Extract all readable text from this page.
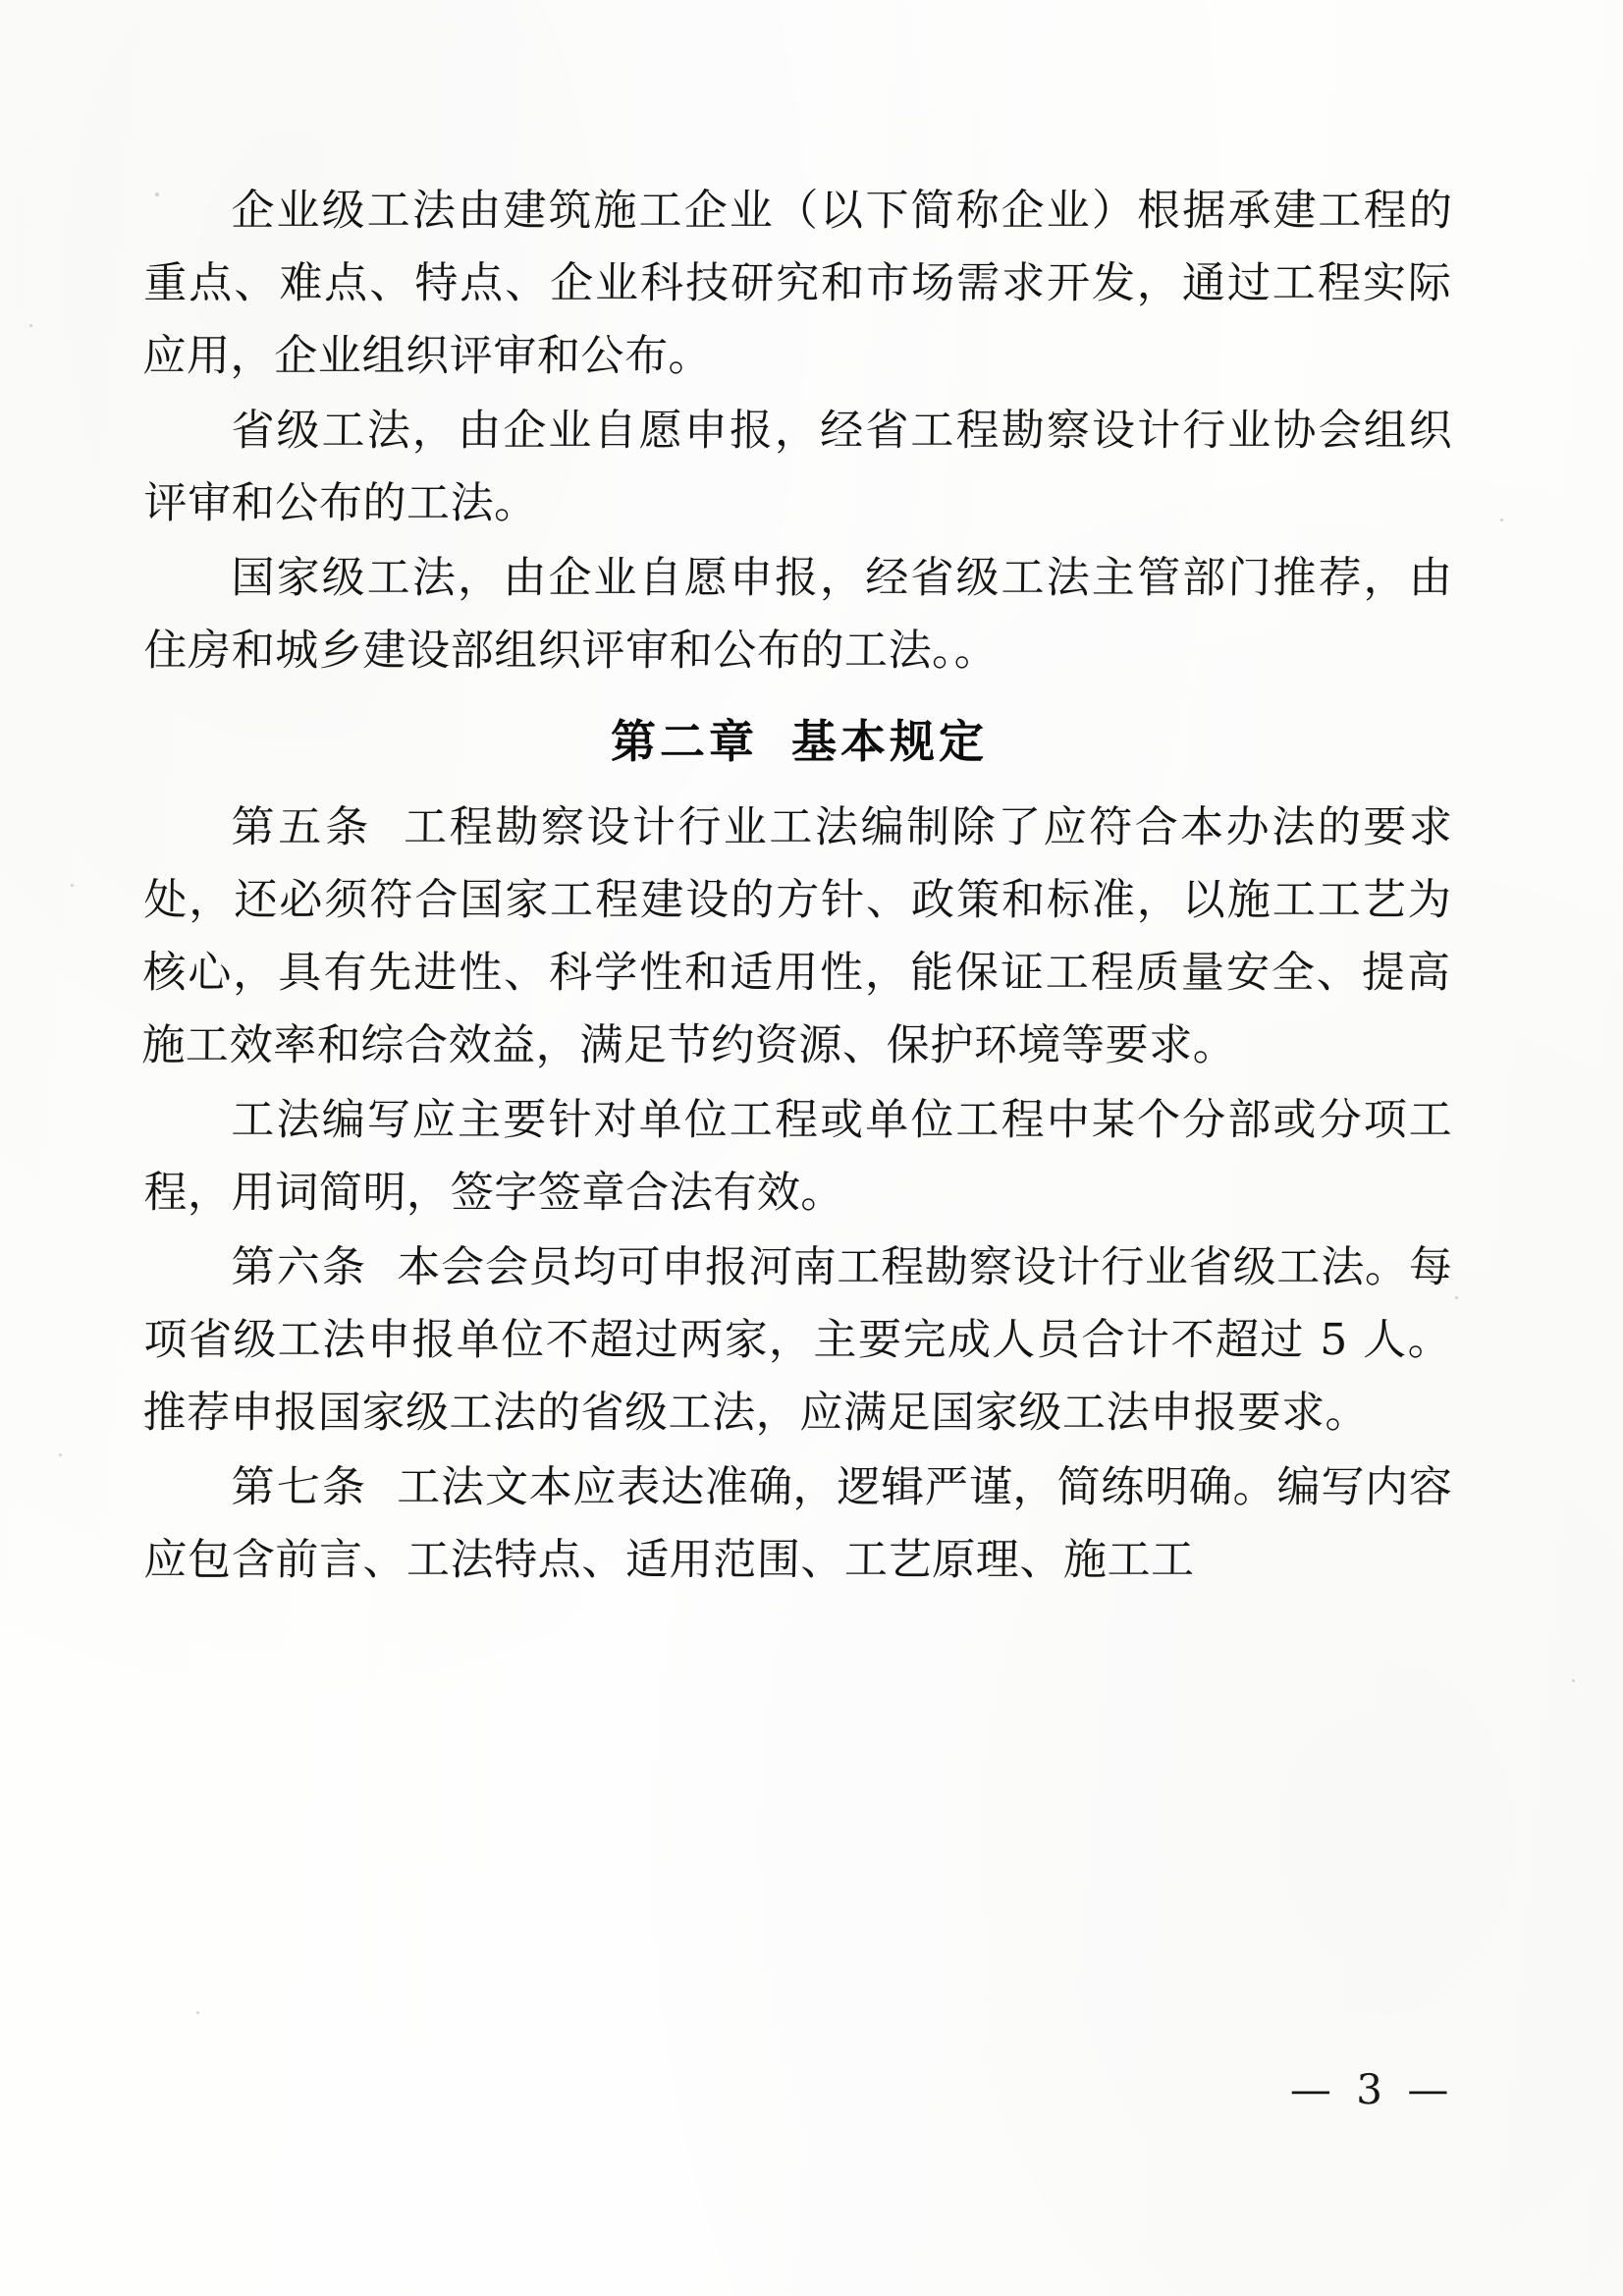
企业级工法由建筑施工企业（以下简称企业）根据承建工程的重点、难点、特点、企业科技研究和市场需求开发，通过工程实际应用，企业组织评审和公布。

省级工法，由企业自愿申报，经省工程勘察设计行业协会组织评审和公布的工法。

国家级工法，由企业自愿申报，经省级工法主管部门推荐，由住房和城乡建设部组织评审和公布的工法。。

第二章 基本规定

第五条 工程勘察设计行业工法编制除了应符合本办法的要求处，还必须符合国家工程建设的方针、政策和标准，以施工工艺为核心，具有先进性、科学性和适用性，能保证工程质量安全、提高施工效率和综合效益，满足节约资源、保护环境等要求。

工法编写应主要针对单位工程或单位工程中某个分部或分项工程，用词简明，签字签章合法有效。

第六条 本会会员均可申报河南工程勘察设计行业省级工法。每项省级工法申报单位不超过两家，主要完成人员合计不超过 5 人。推荐申报国家级工法的省级工法，应满足国家级工法申报要求。

第七条 工法文本应表达准确，逻辑严谨，简练明确。编写内容应包含前言、工法特点、适用范围、工艺原理、施工工

— 3 —
